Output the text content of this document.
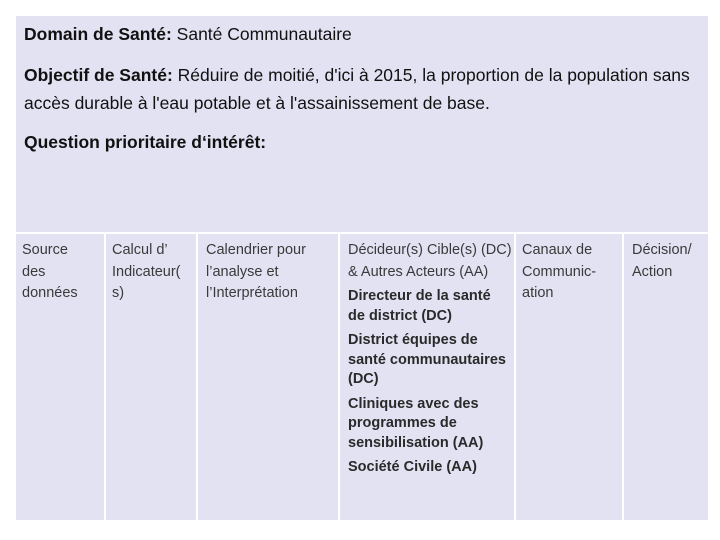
Domain de Santé: Santé Communautaire
Objectif de Santé: Réduire de moitié, d'ici à 2015, la proportion de la population sans accès durable à l'eau potable et à l'assainissement de base.
Question prioritaire d‘intérêt:
Source des données
Calcul d’ Indicateur( s)
Calendrier pour l’analyse et l’Interprétation
Décideur(s) Cible(s) (DC) & Autres Acteurs (AA)
Directeur de la santé de district (DC)
District équipes de santé communautaires (DC)
Cliniques avec des programmes de sensibilisation (AA)
Société Civile (AA)
Canaux de Communic-ation
Décision/ Action
